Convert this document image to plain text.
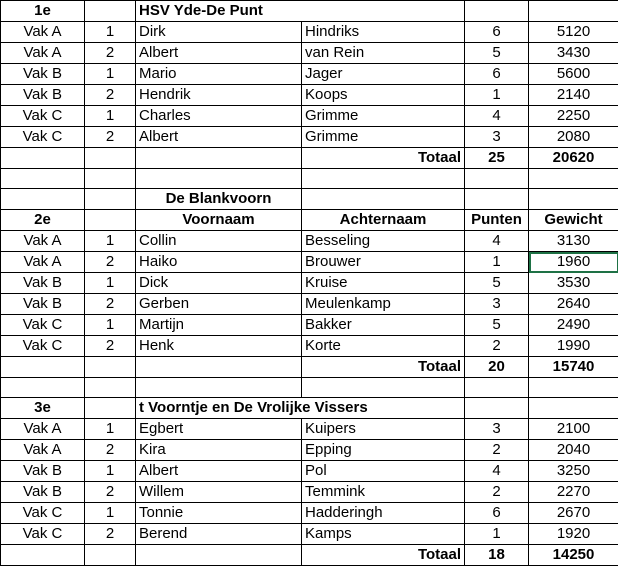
1e		HSV Yde-De Punt			
Vak A	1	Dirk	Hindriks	6	5120
Vak A	2	Albert	van Rein	5	3430
Vak B	1	Mario	Jager	6	5600
Vak B	2	Hendrik	Koops	1	2140
Vak C	1	Charles	Grimme	4	2250
Vak C	2	Albert	Grimme	3	2080
			Totaal	25	20620

		De Blankvoorn			
2e		Voornaam	Achternaam	Punten	Gewicht
Vak A	1	Collin	Besseling	4	3130
Vak A	2	Haiko	Brouwer	1	1960
Vak B	1	Dick	Kruise	5	3530
Vak B	2	Gerben	Meulenkamp	3	2640
Vak C	1	Martijn	Bakker	5	2490
Vak C	2	Henk	Korte	2	1990
			Totaal	20	15740

3e		t Voorntje en De Vrolijke Vissers			
Vak A	1	Egbert	Kuipers	3	2100
Vak A	2	Kira	Epping	2	2040
Vak B	1	Albert	Pol	4	3250
Vak B	2	Willem	Temmink	2	2270
Vak C	1	Tonnie	Hadderingh	6	2670
Vak C	2	Berend	Kamps	1	1920
			Totaal	18	14250
